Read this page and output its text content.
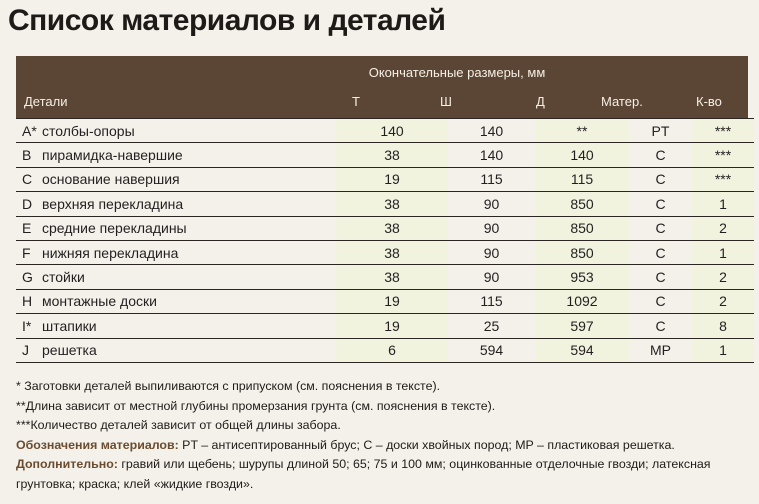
Список материалов и деталей
Окончательные размеры, мм
Детали	Т	Ш	Д	Матер.	К-во
A*	столбы-опоры	140	140	**	PT	***
B	пирамидка-навершие	38	140	140	C	***
C	основание навершия	19	115	115	C	***
D	верхняя перекладина	38	90	850	C	1
E	средние перекладины	38	90	850	C	2
F	нижняя перекладина	38	90	850	C	1
G	стойки	38	90	953	C	2
H	монтажные доски	19	115	1092	C	2
I*	штапики	19	25	597	C	8
J	решетка	6	594	594	MP	1
* Заготовки деталей выпиливаются с припуском (см. пояснения в тексте).
**Длина зависит от местной глубины промерзания грунта (см. пояснения в тексте).
***Количество деталей зависит от общей длины забора.
Обозначения материалов: PT – антисептированный брус; C – доски хвойных пород; MP – пластиковая решетка.
Дополнительно: гравий или щебень; шурупы длиной 50; 65; 75 и 100 мм; оцинкованные отделочные гвозди; латексная грунтовка; краска; клей «жидкие гвозди».
